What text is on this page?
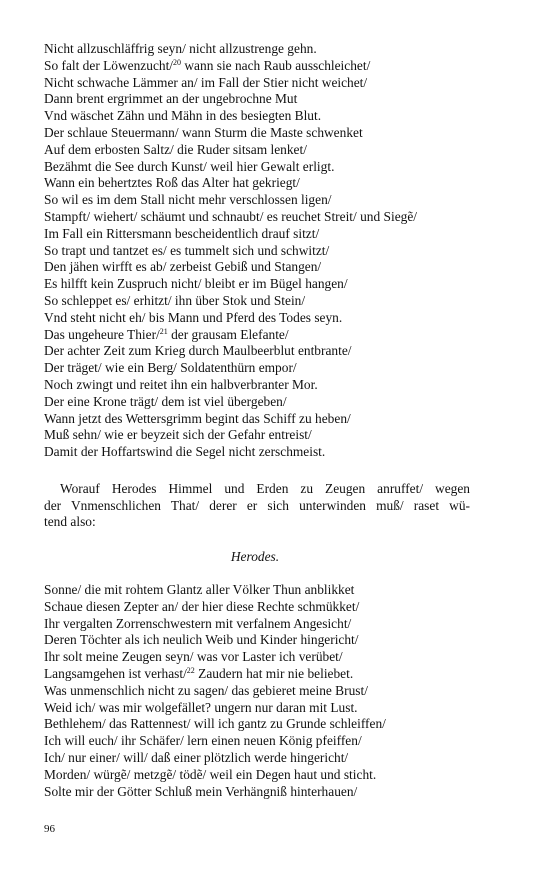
Nicht allzuschläffrig seyn/ nicht allzustrenge gehn.
So falt der Löwenzucht/$^{20}$ wann sie nach Raub ausschleichet/
Nicht schwache Lämmer an/ im Fall der Stier nicht weichet/
Dann brent ergrimmet an der ungebrochne Mut
Vnd wäschet Zähn und Mähn in des besiegten Blut.
Der schlaue Steuermann/ wann Sturm die Maste schwenket
Auf dem erbosten Saltz/ die Ruder sitsam lenket/
Bezähmt die See durch Kunst/ weil hier Gewalt erligt.
Wann ein behertztes Roß das Alter hat gekriegt/
So wil es im dem Stall nicht mehr verschlossen ligen/
Stampft/ wiehert/ schäumt und schnaubt/ es reuchet Streit/ und Siegẽ/
Im Fall ein Rittersmann bescheidentlich drauf sitzt/
So trapt und tantzet es/ es tummelt sich und schwitzt/
Den jähen wirfft es ab/ zerbeist Gebiß und Stangen/
Es hilfft kein Zuspruch nicht/ bleibt er im Bügel hangen/
So schleppet es/ erhitzt/ ihn über Stok und Stein/
Vnd steht nicht eh/ bis Mann und Pferd des Todes seyn.
Das ungeheure Thier/$^{21}$ der grausam Elefante/
Der achter Zeit zum Krieg durch Maulbeerblut entbrante/
Der träget/ wie ein Berg/ Soldatenthürn empor/
Noch zwingt und reitet ihn ein halbverbranter Mor.
Der eine Krone trägt/ dem ist viel übergeben/
Wann jetzt des Wettersgrimm begint das Schiff zu heben/
Muß sehn/ wie er beyzeit sich der Gefahr entreist/
Damit der Hoffartswind die Segel nicht zerschmeist.
Worauf Herodes Himmel und Erden zu Zeugen anruffet/ wegen
der Vnmenschlichen That/ derer er sich unterwinden muß/ raset wü-
tend also:
Herodes.
Sonne/ die mit rohtem Glantz aller Völker Thun anblikket
Schaue diesen Zepter an/ der hier diese Rechte schmükket/
Ihr vergalten Zorrenschwestern mit verfalnem Angesicht/
Deren Töchter als ich neulich Weib und Kinder hingericht/
Ihr solt meine Zeugen seyn/ was vor Laster ich verübet/
Langsamgehen ist verhast/$^{22}$ Zaudern hat mir nie beliebet.
Was unmenschlich nicht zu sagen/ das gebieret meine Brust/
Weid ich/ was mir wolgefället? ungern nur daran mit Lust.
Bethlehem/ das Rattennest/ will ich gantz zu Grunde schleiffen/
Ich will euch/ ihr Schäfer/ lern einen neuen König pfeiffen/
Ich/ nur einer/ will/ daß einer plötzlich werde hingericht/
Morden/ würgẽ/ metzgẽ/ tödẽ/ weil ein Degen haut und sticht.
Solte mir der Götter Schluß mein Verhängniß hinterhauen/
96
